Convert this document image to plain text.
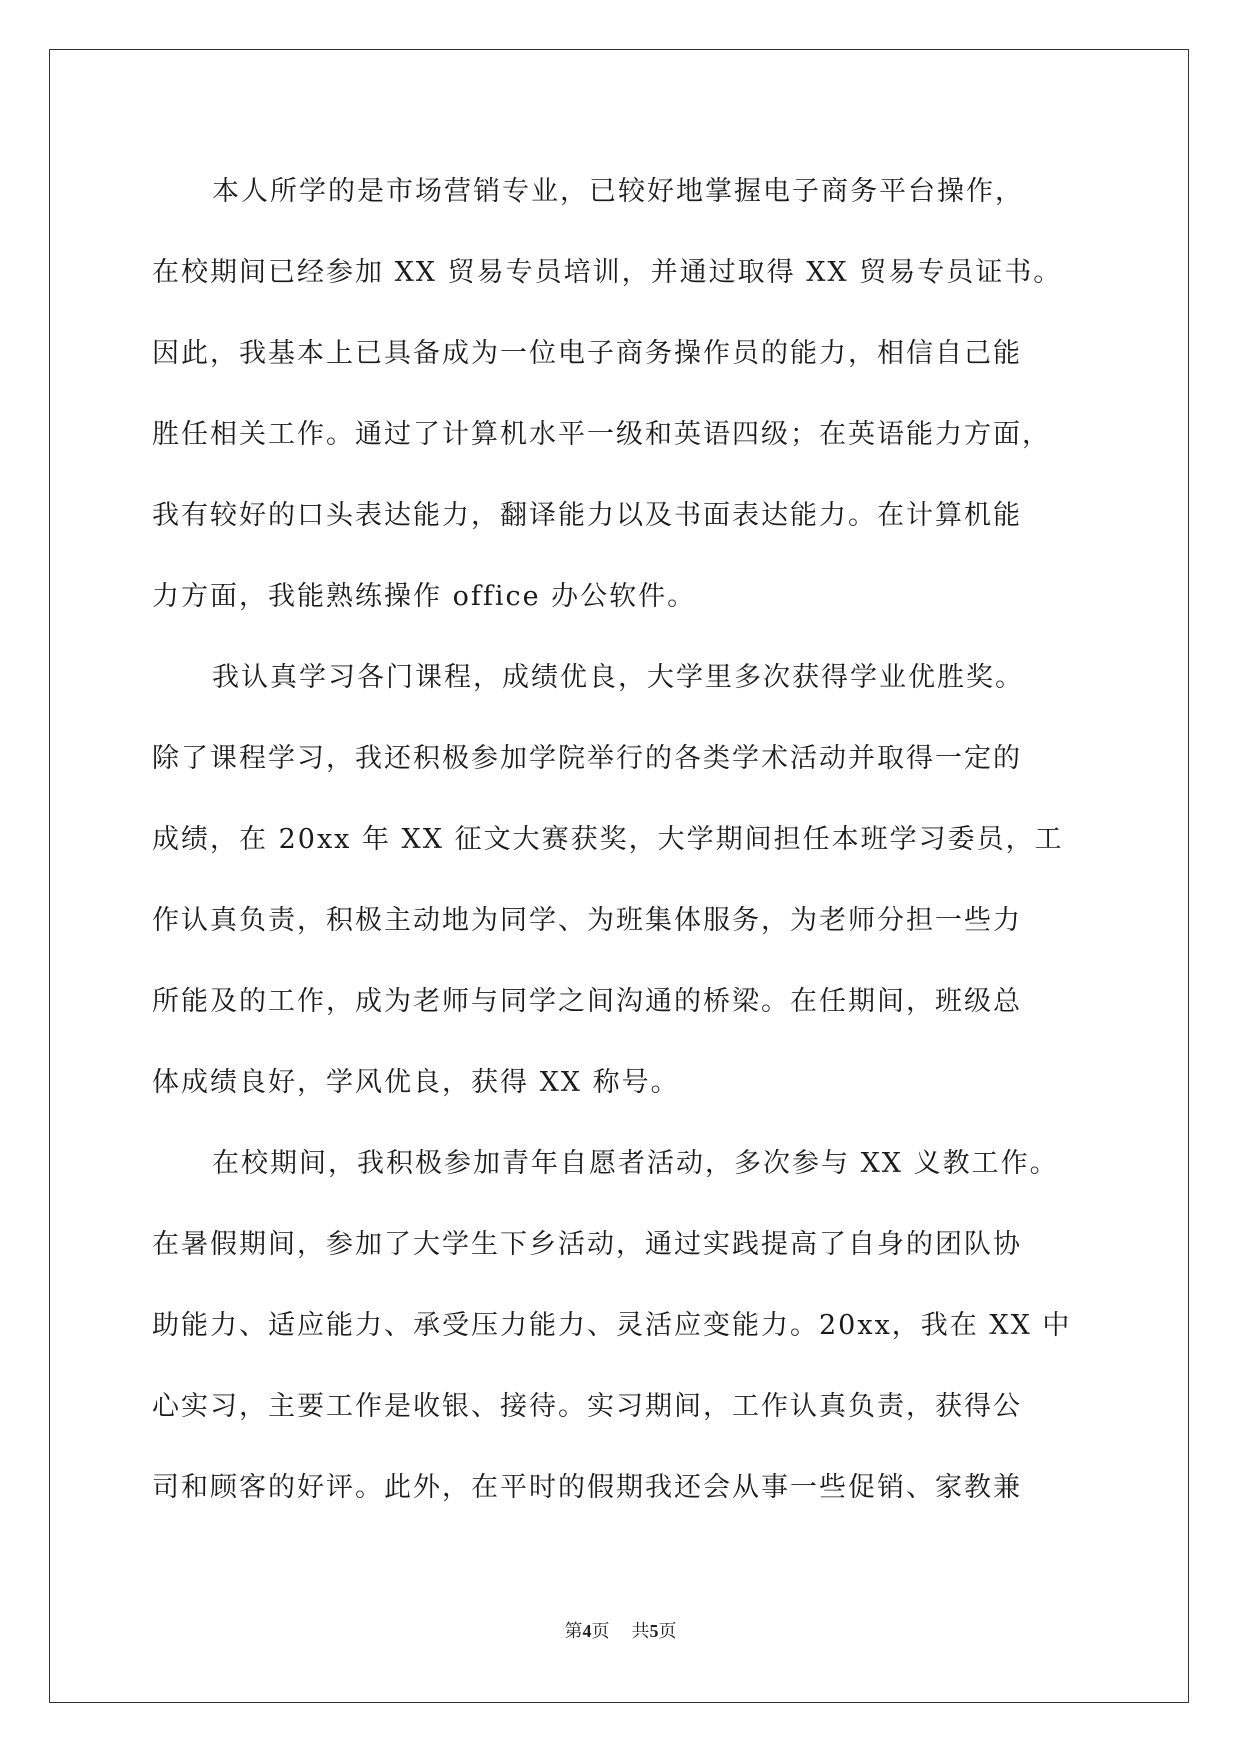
本人所学的是市场营销专业，已较好地掌握电子商务平台操作，
在校期间已经参加 XX 贸易专员培训，并通过取得 XX 贸易专员证书。
因此，我基本上已具备成为一位电子商务操作员的能力，相信自己能
胜任相关工作。通过了计算机水平一级和英语四级；在英语能力方面，
我有较好的口头表达能力，翻译能力以及书面表达能力。在计算机能
力方面，我能熟练操作 office 办公软件。
我认真学习各门课程，成绩优良，大学里多次获得学业优胜奖。
除了课程学习，我还积极参加学院举行的各类学术活动并取得一定的
成绩，在 20xx 年 XX 征文大赛获奖，大学期间担任本班学习委员，工
作认真负责，积极主动地为同学、为班集体服务，为老师分担一些力
所能及的工作，成为老师与同学之间沟通的桥梁。在任期间，班级总
体成绩良好，学风优良，获得 XX 称号。
在校期间，我积极参加青年自愿者活动，多次参与 XX 义教工作。
在暑假期间，参加了大学生下乡活动，通过实践提高了自身的团队协
助能力、适应能力、承受压力能力、灵活应变能力。20xx，我在 XX 中
心实习，主要工作是收银、接待。实习期间，工作认真负责，获得公
司和顾客的好评。此外，在平时的假期我还会从事一些促销、家教兼
第4页 共5页
